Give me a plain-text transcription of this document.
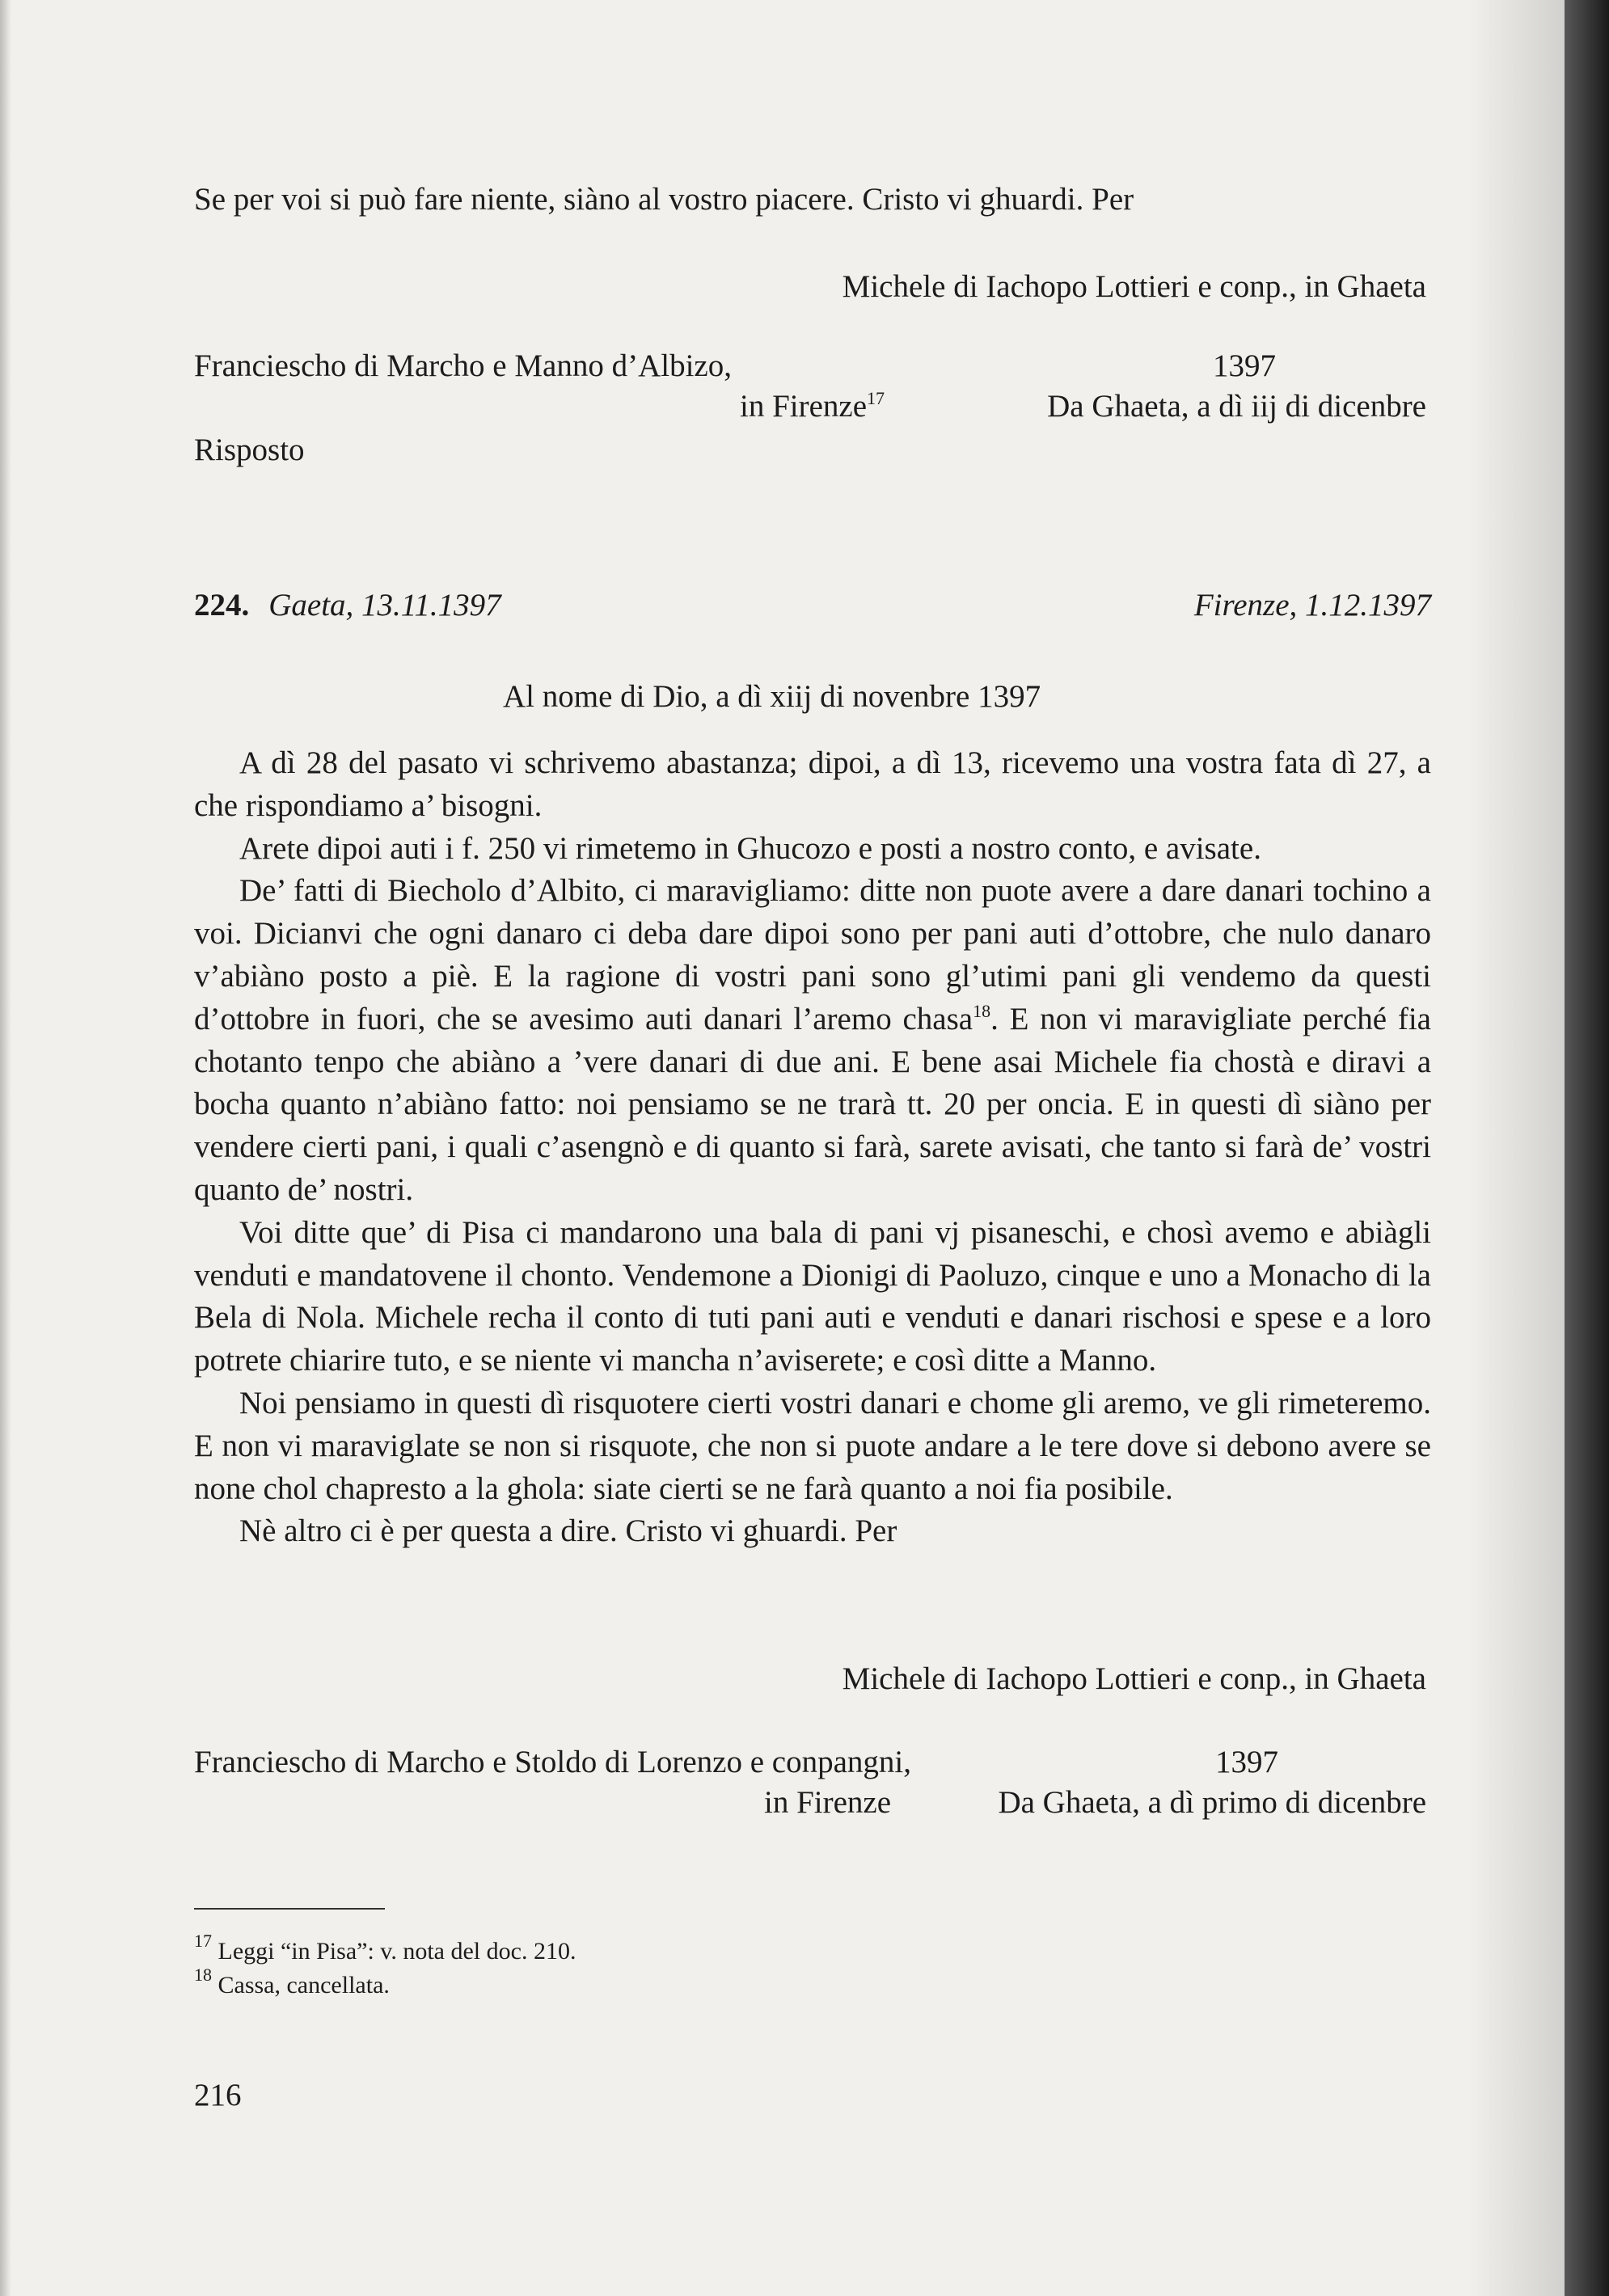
Se per voi si può fare niente, siàno al vostro piacere. Cristo vi ghuardi. Per
Michele di Iachopo Lottieri e conp., in Ghaeta
Franciescho di Marcho e Manno d’Albizo,	1397
in Firenze$^{17}$	Da Ghaeta, a dì iij di dicenbre
Risposto
224. Gaeta, 13.11.1397	Firenze, 1.12.1397
Al nome di Dio, a dì xiij di novenbre 1397

A dì 28 del pasato vi schrivemo abastanza; dipoi, a dì 13, ricevemo una vostra fata dì 27, a che rispondiamo a’ bisogni.

Arete dipoi auti i f. 250 vi rimetemo in Ghucozo e posti a nostro conto, e avisate.

De’ fatti di Biecholo d’Albito, ci maravigliamo: ditte non puote avere a dare danari tochino a voi. Dicianvi che ogni danaro ci deba dare dipoi sono per pani auti d’ottobre, che nulo danaro v’abiàno posto a piè. E la ragione di vostri pani sono gl’utimi pani gli vendemo da questi d’ottobre in fuori, che se avesimo auti danari l’aremo chasa$^{18}$. E non vi maravigliate perché fia chotanto tenpo che abiàno a ’vere danari di due ani. E bene asai Michele fia chostà e diravi a bocha quanto n’abiàno fatto: noi pensiamo se ne trarà tt. 20 per oncia. E in questi dì siàno per vendere cierti pani, i quali c’asengnò e di quanto si farà, sarete avisati, che tanto si farà de’ vostri quanto de’ nostri.

Voi ditte que’ di Pisa ci mandarono una bala di pani vj pisaneschi, e chosì avemo e abiàgli venduti e mandatovene il chonto. Vendemone a Dionigi di Paoluzo, cinque e uno a Monacho di la Bela di Nola. Michele recha il conto di tuti pani auti e venduti e danari rischosi e spese e a loro potrete chiarire tuto, e se niente vi mancha n’aviserete; e così ditte a Manno.

Noi pensiamo in questi dì risquotere cierti vostri danari e chome gli aremo, ve gli rimeteremo. E non vi maraviglate se non si risquote, che non si puote andare a le tere dove si debono avere se none chol chapresto a la ghola: siate cierti se ne farà quanto a noi fia posibile.

Nè altro ci è per questa a dire. Cristo vi ghuardi. Per

Michele di Iachopo Lottieri e conp., in Ghaeta
Franciescho di Marcho e Stoldo di Lorenzo e conpangni,	1397
in Firenze	Da Ghaeta, a dì primo di dicenbre
$^{17}$ Leggi “in Pisa”: v. nota del doc. 210.
$^{18}$ Cassa, cancellata.
216
